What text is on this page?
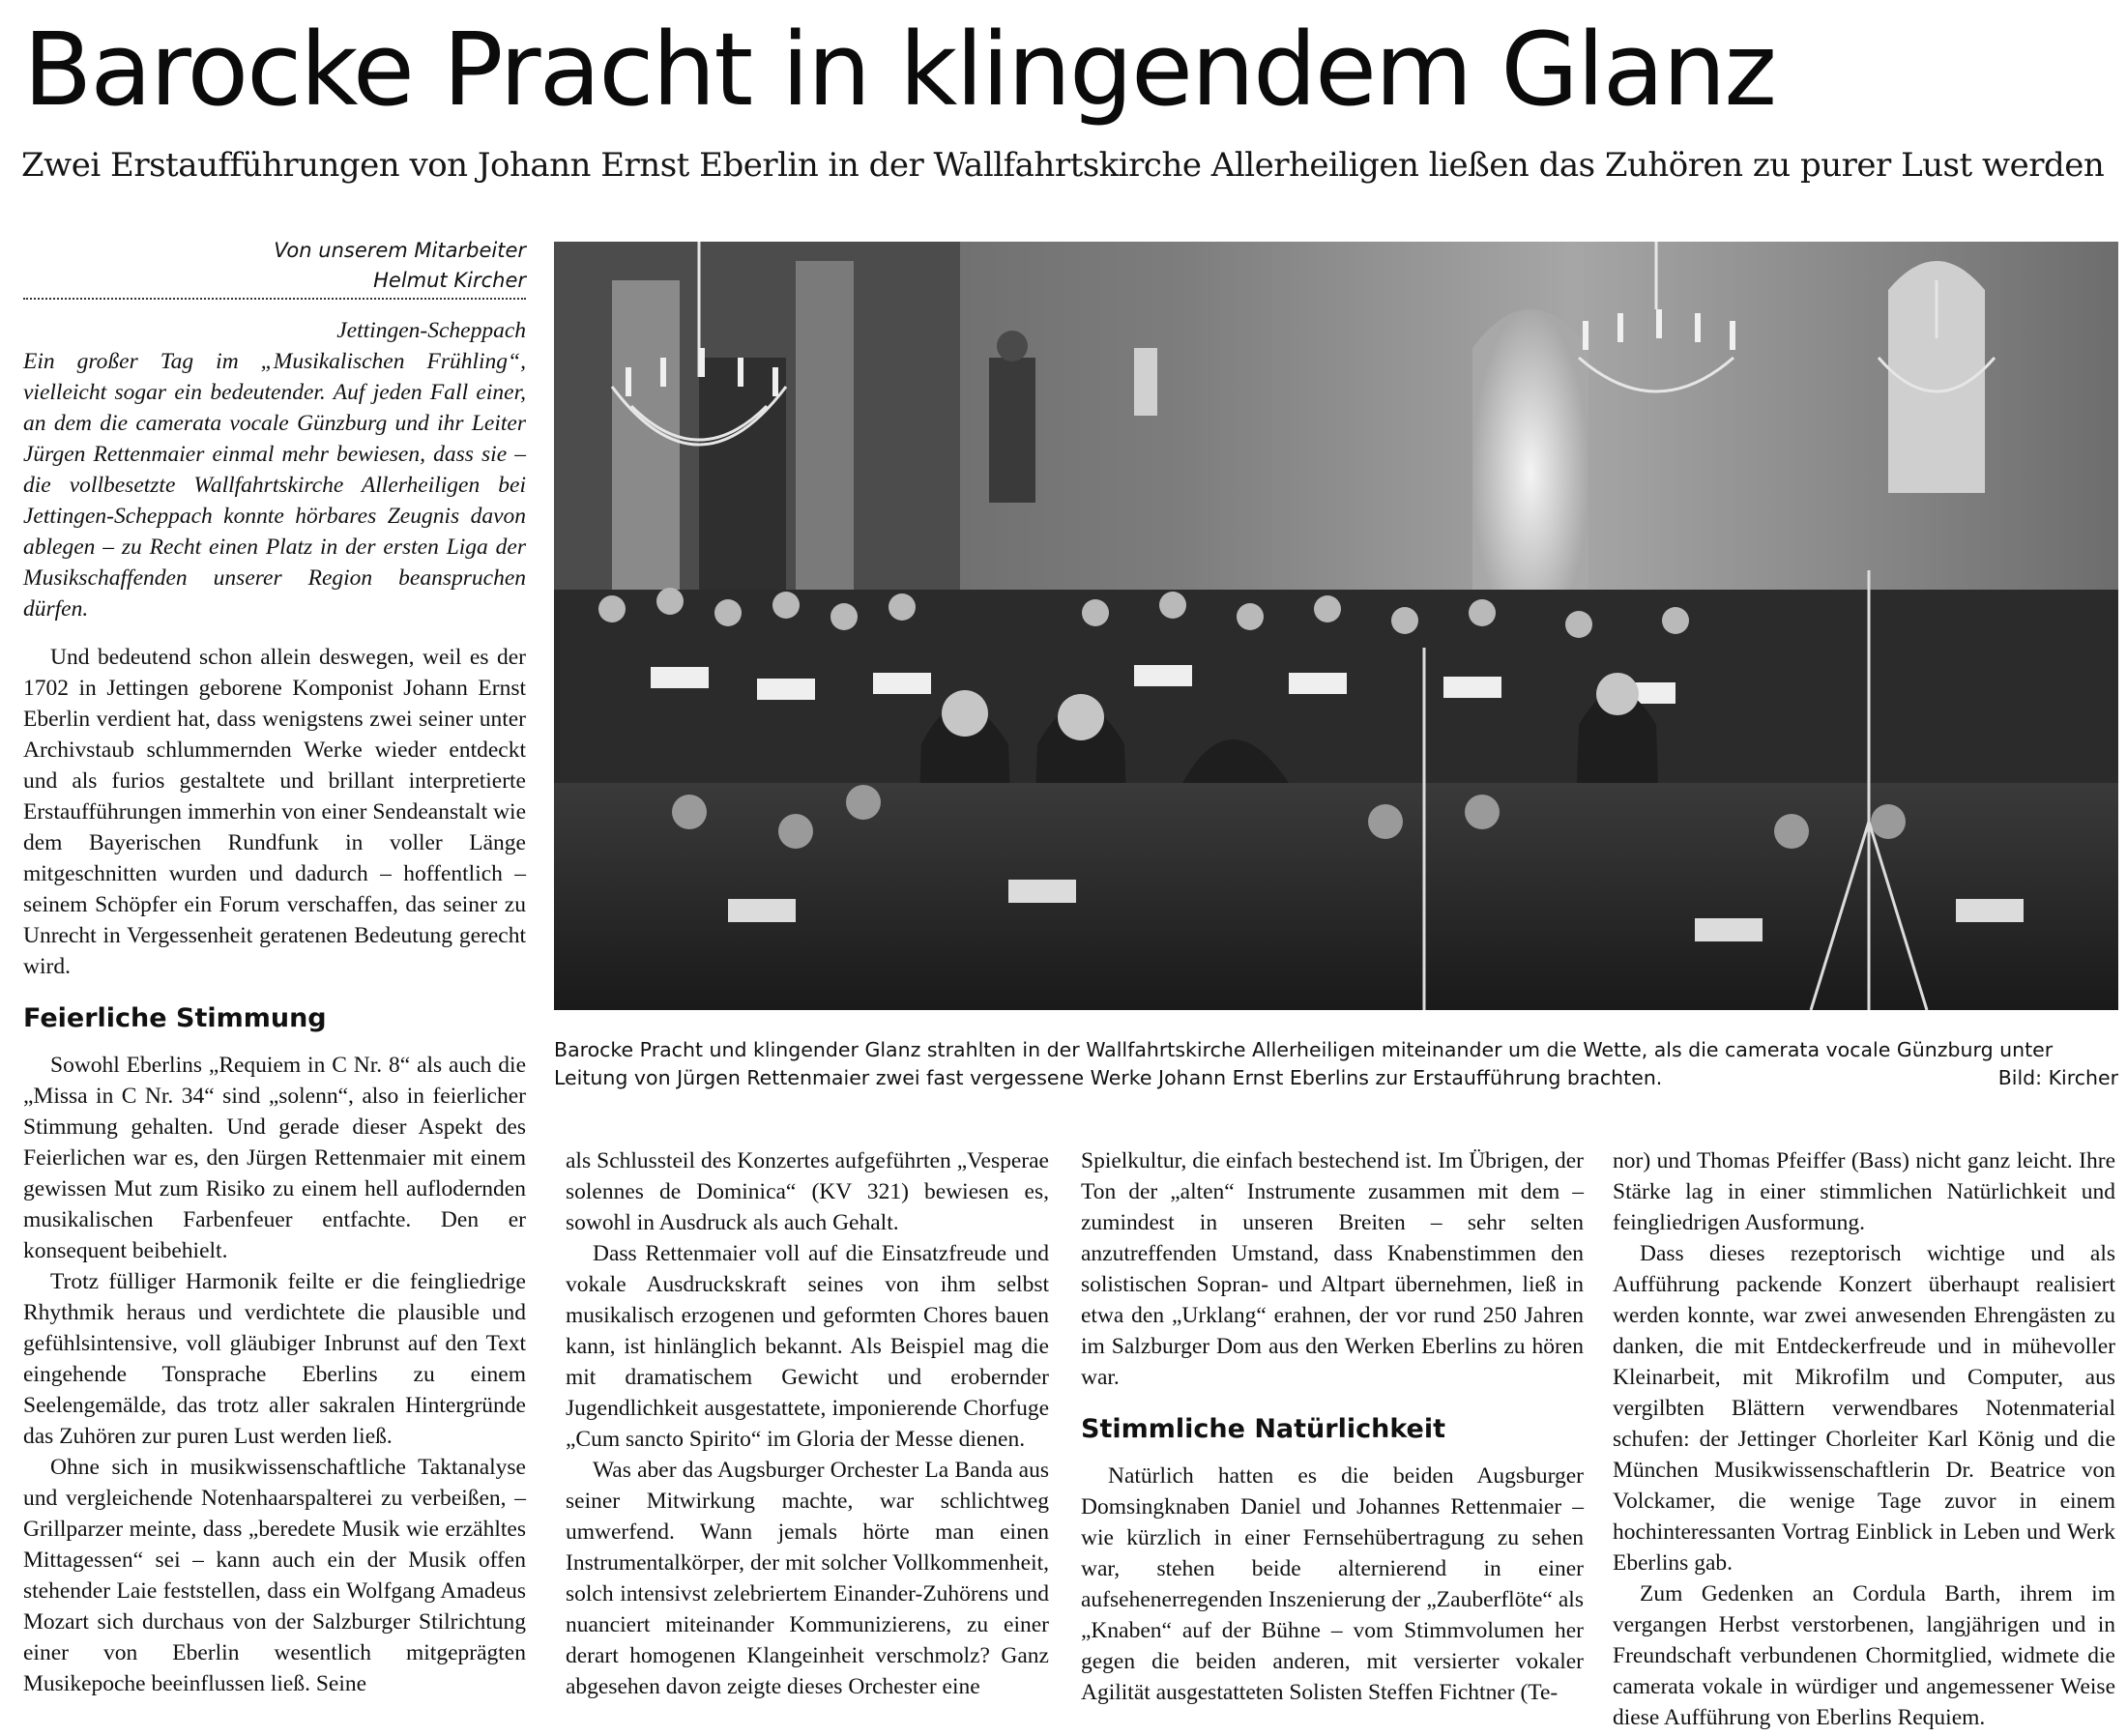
Barocke Pracht in klingendem Glanz
Zwei Erstaufführungen von Johann Ernst Eberlin in der Wallfahrtskirche Allerheiligen ließen das Zuhören zu purer Lust werden
Von unserem Mitarbeiter
Helmut Kircher

Jettingen-Scheppach

Ein großer Tag im „Musikalischen Frühling“, vielleicht sogar ein bedeutender. Auf jeden Fall einer, an dem die camerata vocale Günzburg und ihr Leiter Jürgen Rettenmaier einmal mehr bewiesen, dass sie – die vollbesetzte Wallfahrtskirche Allerheiligen bei Jettingen-Scheppach konnte hörbares Zeugnis davon ablegen – zu Recht einen Platz in der ersten Liga der Musikschaffenden unserer Region beanspruchen dürfen.

Und bedeutend schon allein deswegen, weil es der 1702 in Jettingen geborene Komponist Johann Ernst Eberlin verdient hat, dass wenigstens zwei seiner unter Archivstaub schlummernden Werke wieder entdeckt und als furios gestaltete und brillant interpretierte Erstaufführungen immerhin von einer Sendeanstalt wie dem Bayerischen Rundfunk in voller Länge mitgeschnitten wurden und dadurch – hoffentlich – seinem Schöpfer ein Forum verschaffen, das seiner zu Unrecht in Vergessenheit geratenen Bedeutung gerecht wird.

Feierliche Stimmung

Sowohl Eberlins „Requiem in C Nr. 8“ als auch die „Missa in C Nr. 34“ sind „solenn“, also in feierlicher Stimmung gehalten. Und gerade dieser Aspekt des Feierlichen war es, den Jürgen Rettenmaier mit einem gewissen Mut zum Risiko zu einem hell auflodernden musikalischen Farbenfeuer entfachte. Den er konsequent beibehielt.

Trotz fülliger Harmonik feilte er die feingliedrige Rhythmik heraus und verdichtete die plausible und gefühlsintensive, voll gläubiger Inbrunst auf den Text eingehende Tonsprache Eberlins zu einem Seelengemälde, das trotz aller sakralen Hintergründe das Zuhören zur puren Lust werden ließ.

Ohne sich in musikwissenschaftliche Taktanalyse und vergleichende Notenhaarspalterei zu verbeißen, – Grillparzer meinte, dass „beredete Musik wie erzähltes Mittagessen“ sei – kann auch ein der Musik offen stehender Laie feststellen, dass ein Wolfgang Amadeus Mozart sich durchaus von der Salzburger Stilrichtung einer von Eberlin wesentlich mitgeprägten Musikepoche beeinflussen ließ. Seine

Barocke Pracht und klingender Glanz strahlten in der Wallfahrtskirche Allerheiligen miteinander um die Wette, als die camerata vocale Günzburg unter Leitung von Jürgen Rettenmaier zwei fast vergessene Werke Johann Ernst Eberlins zur Erstaufführung brachten.	Bild: Kircher

als Schlussteil des Konzertes aufgeführten „Vesperae solennes de Dominica“ (KV 321) bewiesen es, sowohl in Ausdruck als auch Gehalt.

Dass Rettenmaier voll auf die Einsatzfreude und vokale Ausdruckskraft seines von ihm selbst musikalisch erzogenen und geformten Chores bauen kann, ist hinlänglich bekannt. Als Beispiel mag die mit dramatischem Gewicht und erobernder Jugendlichkeit ausgestattete, imponierende Chorfuge „Cum sancto Spirito“ im Gloria der Messe dienen.

Was aber das Augsburger Orchester La Banda aus seiner Mitwirkung machte, war schlichtweg umwerfend. Wann jemals hörte man einen Instrumentalkörper, der mit solcher Vollkommenheit, solch intensivst zelebriertem Einander-Zuhörens und nuanciert miteinander Kommunizierens, zu einer derart homogenen Klangeinheit verschmolz? Ganz abgesehen davon zeigte dieses Orchester eine

Spielkultur, die einfach bestechend ist. Im Übrigen, der Ton der „alten“ Instrumente zusammen mit dem – zumindest in unseren Breiten – sehr selten anzutreffenden Umstand, dass Knabenstimmen den solistischen Sopran- und Altpart übernehmen, ließ in etwa den „Urklang“ erahnen, der vor rund 250 Jahren im Salzburger Dom aus den Werken Eberlins zu hören war.

Stimmliche Natürlichkeit

Natürlich hatten es die beiden Augsburger Domsingknaben Daniel und Johannes Rettenmaier – wie kürzlich in einer Fernsehübertragung zu sehen war, stehen beide alternierend in einer aufsehenerregenden Inszenierung der „Zauberflöte“ als „Knaben“ auf der Bühne – vom Stimmvolumen her gegen die beiden anderen, mit versierter vokaler Agilität ausgestatteten Solisten Steffen Fichtner (Te-

nor) und Thomas Pfeiffer (Bass) nicht ganz leicht. Ihre Stärke lag in einer stimmlichen Natürlichkeit und feingliedrigen Ausformung.

Dass dieses rezeptorisch wichtige und als Aufführung packende Konzert überhaupt realisiert werden konnte, war zwei anwesenden Ehrengästen zu danken, die mit Entdeckerfreude und in mühevoller Kleinarbeit, mit Mikrofilm und Computer, aus vergilbten Blättern verwendbares Notenmaterial schufen: der Jettinger Chorleiter Karl König und die München Musikwissenschaftlerin Dr. Beatrice von Volckamer, die wenige Tage zuvor in einem hochinteressanten Vortrag Einblick in Leben und Werk Eberlins gab.

Zum Gedenken an Cordula Barth, ihrem im vergangen Herbst verstorbenen, langjährigen und in Freundschaft verbundenen Chormitglied, widmete die camerata vokale in würdiger und angemessener Weise diese Aufführung von Eberlins Requiem.
